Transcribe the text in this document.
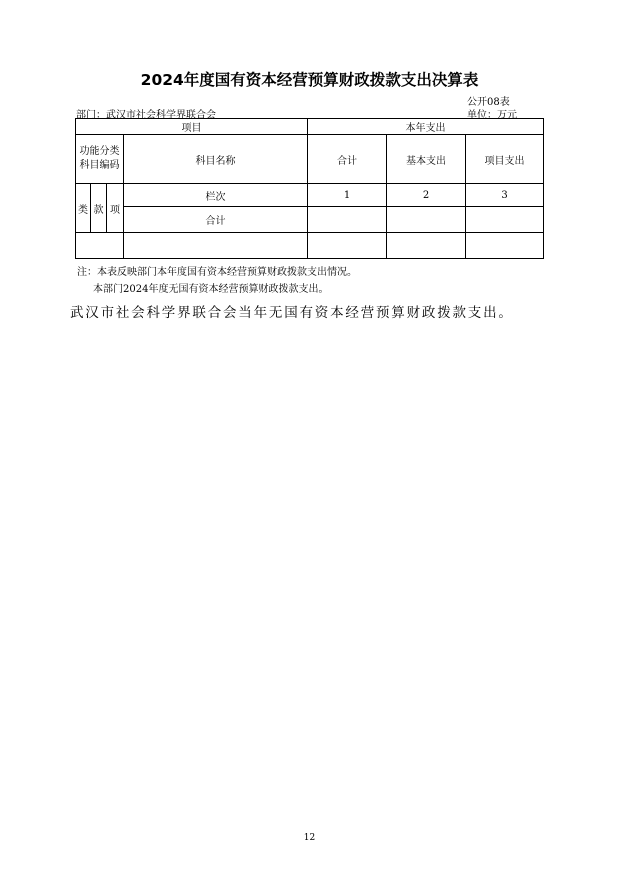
2024年度国有资本经营预算财政拨款支出决算表
公开08表
部门：武汉市社会科学界联合会	单位：万元
项目				本年支出		
功能分类科目编码			科目名称	合计	基本支出	项目支出
类	款	项	栏次	1	2	3
			合计			

注：本表反映部门本年度国有资本经营预算财政拨款支出情况。
本部门2024年度无国有资本经营预算财政拨款支出。
武汉市社会科学界联合会当年无国有资本经营预算财政拨款支出。
12
